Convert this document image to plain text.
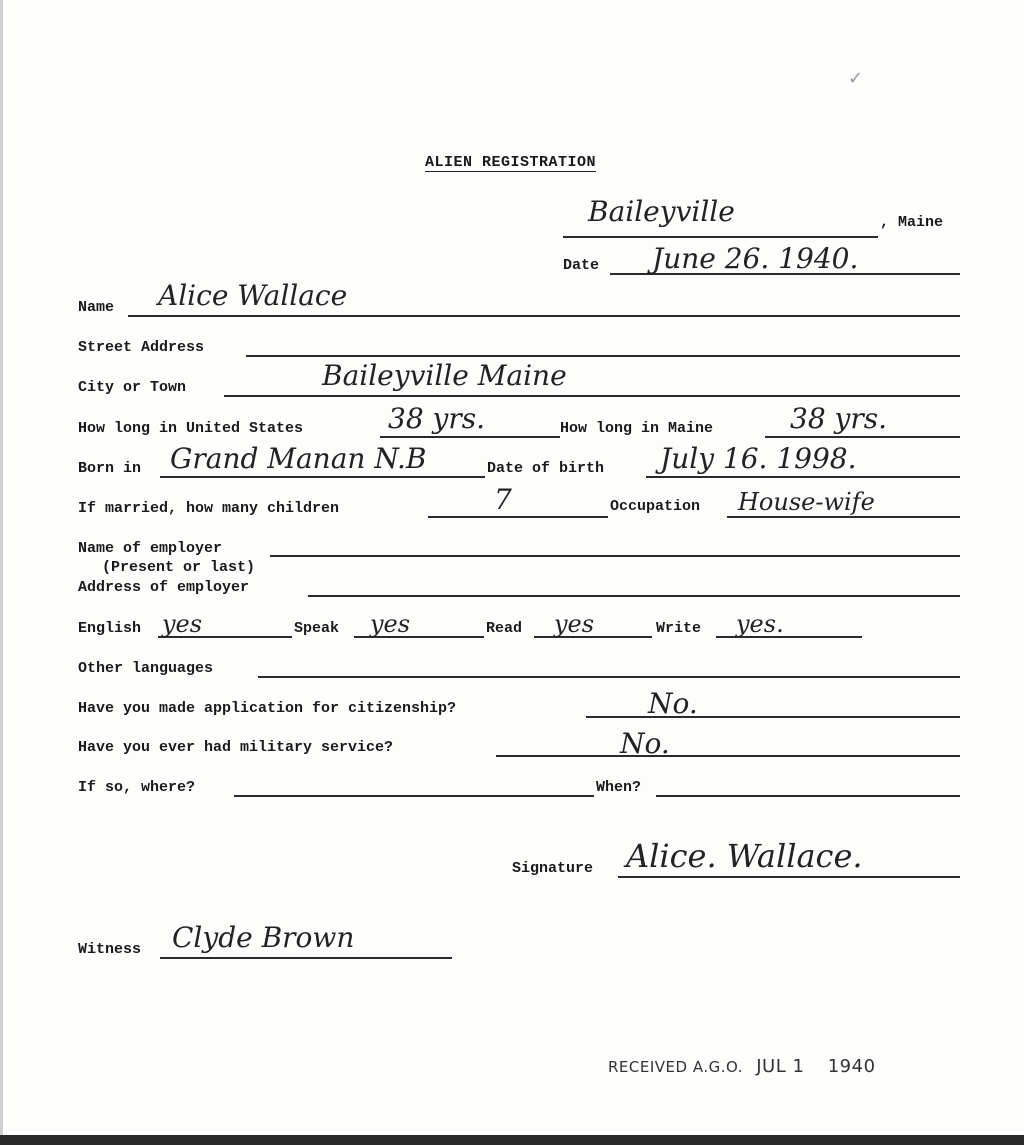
✓
ALIEN REGISTRATION
Baileyville	, Maine
Date June 26. 1940.
Name Alice Wallace
Street Address
City or Town	Baileyville Maine
How long in United States	38 yrs.	How long in Maine	38 yrs.
Born in Grand Manan N.B	Date of birth July 16. 1998.
If married, how many children	7	Occupation House-wife
Name of employer
(Present or last)
Address of employer
English yes	Speak yes	Read yes	Write yes.
Other languages
Have you made application for citizenship?	No.
Have you ever had military service?	No.
If so, where?	When?
Signature Alice. Wallace.
Witness Clyde Brown
RECEIVED A.G.O. JUL 1 1940
